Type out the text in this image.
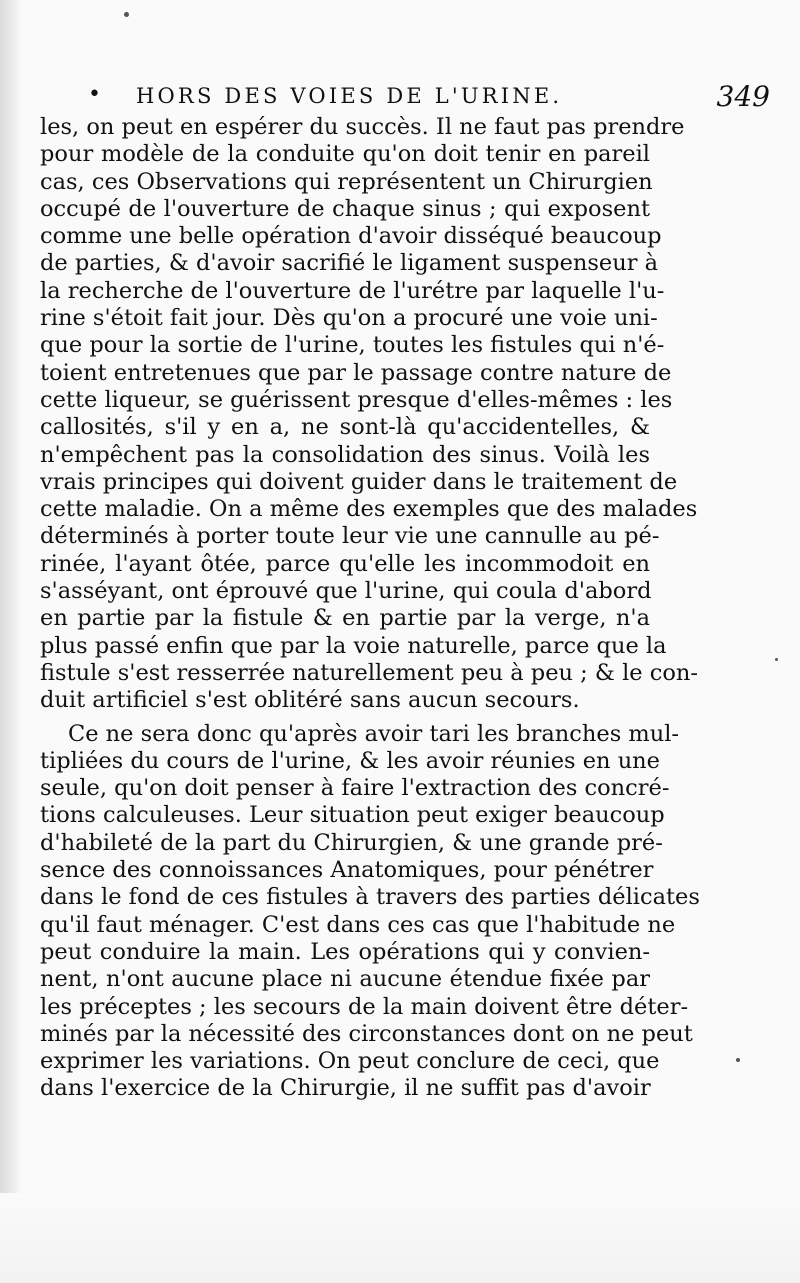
• HORS DES VOIES DE L'URINE.	349
les, on peut en espérer du succès. Il ne faut pas prendre
pour modèle de la conduite qu'on doit tenir en pareil
cas, ces Observations qui représentent un Chirurgien
occupé de l'ouverture de chaque sinus ; qui exposent
comme une belle opération d'avoir disséqué beaucoup
de parties, & d'avoir sacrifié le ligament suspenseur à
la recherche de l'ouverture de l'urétre par laquelle l'u-
rine s'étoit fait jour. Dès qu'on a procuré une voie uni-
que pour la sortie de l'urine, toutes les fistules qui n'é-
toient entretenues que par le passage contre nature de
cette liqueur, se guérissent presque d'elles-mêmes : les
callosités, s'il y en a, ne sont-là qu'accidentelles, &
n'empêchent pas la consolidation des sinus. Voilà les
vrais principes qui doivent guider dans le traitement de
cette maladie. On a même des exemples que des malades
déterminés à porter toute leur vie une cannulle au pé-
rinée, l'ayant ôtée, parce qu'elle les incommodoit en
s'asséyant, ont éprouvé que l'urine, qui coula d'abord
en partie par la fistule & en partie par la verge, n'a
plus passé enfin que par la voie naturelle, parce que la
fistule s'est resserrée naturellement peu à peu ; & le con-
duit artificiel s'est oblitéré sans aucun secours.
Ce ne sera donc qu'après avoir tari les branches mul-
tipliées du cours de l'urine, & les avoir réunies en une
seule, qu'on doit penser à faire l'extraction des concré-
tions calculeuses. Leur situation peut exiger beaucoup
d'habileté de la part du Chirurgien, & une grande pré-
sence des connoissances Anatomiques, pour pénétrer
dans le fond de ces fistules à travers des parties délicates
qu'il faut ménager. C'est dans ces cas que l'habitude ne
peut conduire la main. Les opérations qui y convien-
nent, n'ont aucune place ni aucune étendue fixée par
les préceptes ; les secours de la main doivent être déter-
minés par la nécessité des circonstances dont on ne peut
exprimer les variations. On peut conclure de ceci, que
dans l'exercice de la Chirurgie, il ne suffit pas d'avoir
